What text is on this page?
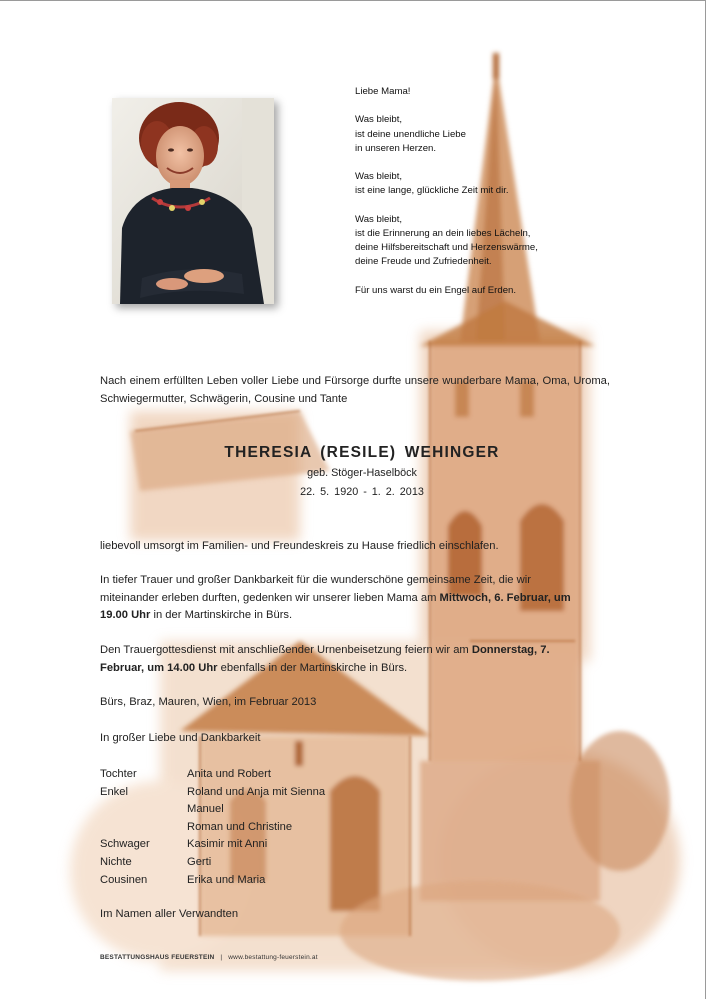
Liebe Mama!
Was bleibt,
ist deine unendliche Liebe
in unseren Herzen.
Was bleibt,
ist eine lange, glückliche Zeit mit dir.
Was bleibt,
ist die Erinnerung an dein liebes Lächeln,
deine Hilfsbereitschaft und Herzenswärme,
deine Freude und Zufriedenheit.
Für uns warst du ein Engel auf Erden.
Nach einem erfüllten Leben voller Liebe und Fürsorge durfte unsere wunderbare Mama, Oma, Uroma, Schwiegermutter, Schwägerin, Cousine und Tante
THERESIA (RESILE) WEHINGER
geb. Stöger-Haselböck
22. 5. 1920 - 1. 2. 2013
liebevoll umsorgt im Familien- und Freundeskreis zu Hause friedlich einschlafen.
In tiefer Trauer und großer Dankbarkeit für die wunderschöne gemeinsame Zeit, die wir miteinander erleben durften, gedenken wir unserer lieben Mama am Mittwoch, 6. Februar, um 19.00 Uhr in der Martinskirche in Bürs.
Den Trauergottesdienst mit anschließender Urnenbeisetzung feiern wir am Donnerstag, 7. Februar, um 14.00 Uhr ebenfalls in der Martinskirche in Bürs.
Bürs, Braz, Mauren, Wien, im Februar 2013
In großer Liebe und Dankbarkeit
Tochter	Anita und Robert
Enkel	Roland und Anja mit Sienna
Manuel
Roman und Christine
Schwager	Kasimir mit Anni
Nichte	Gerti
Cousinen	Erika und Maria
Im Namen aller Verwandten
BESTATTUNGSHAUS FEUERSTEIN | www.bestattung-feuerstein.at
